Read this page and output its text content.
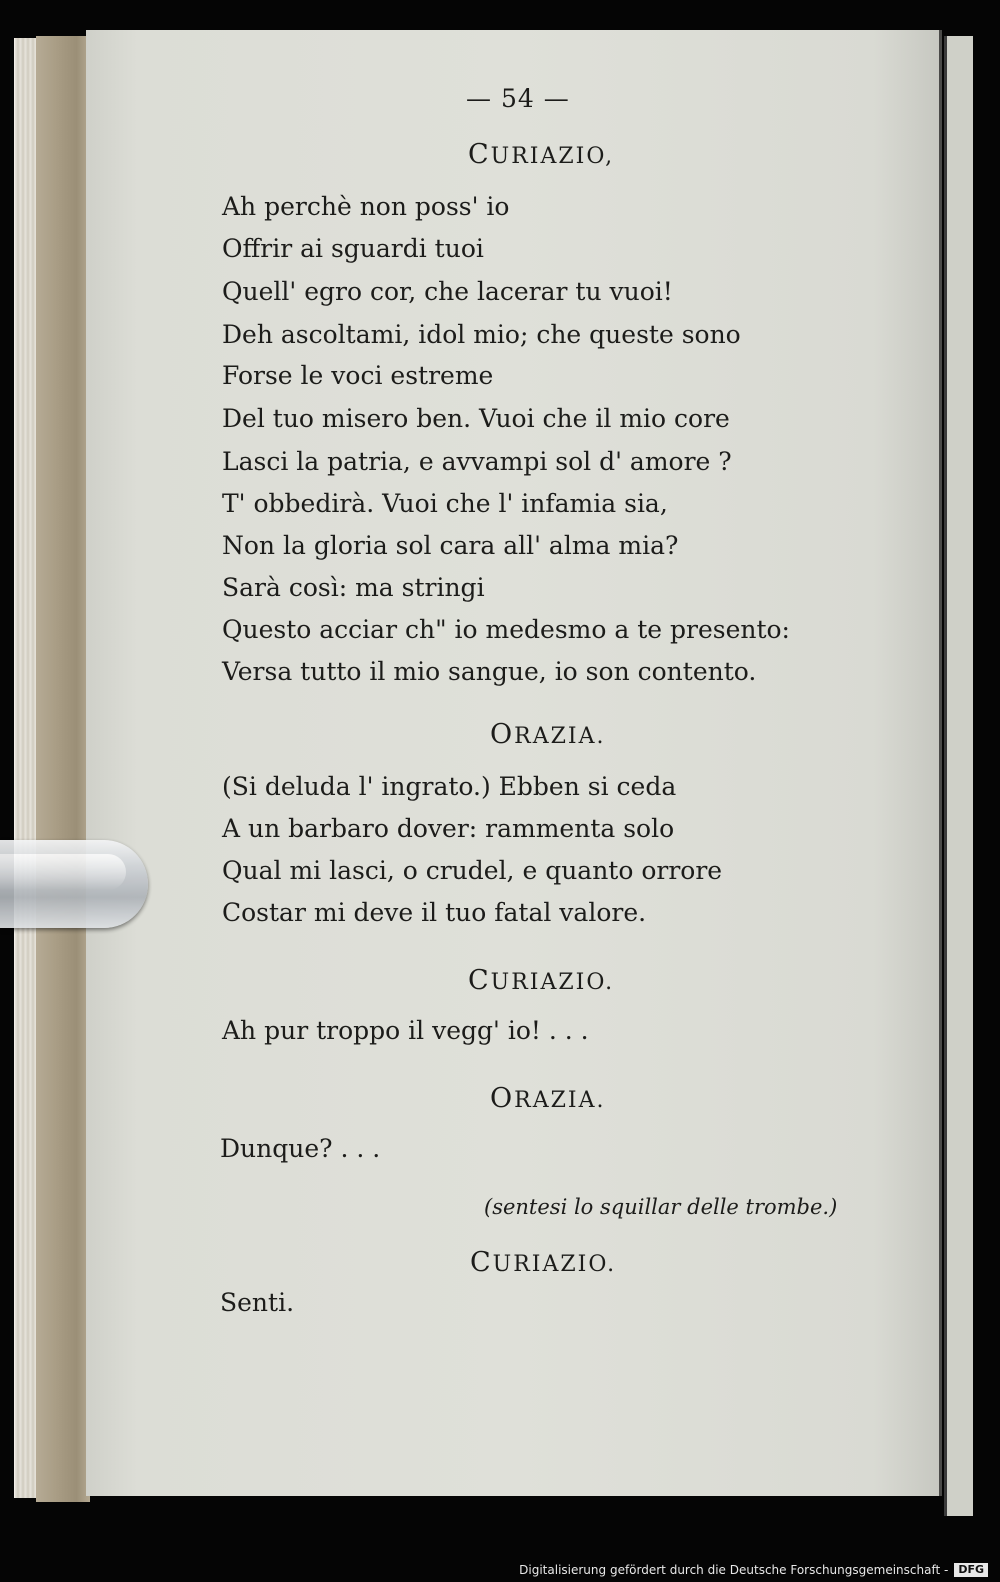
— 54 —

CURIAZIO,

Ah perchè non poss' io

Offrir ai sguardi tuoi

Quell' egro cor, che lacerar tu vuoi!

Deh ascoltami, idol mio; che queste sono

Forse le voci estreme

Del tuo misero ben. Vuoi che il mio core

Lasci la patria, e avvampi sol d' amore ?

T' obbedirà. Vuoi che l' infamia sia,

Non la gloria sol cara all' alma mia?

Sarà così: ma stringi

Questo acciar ch" io medesmo a te presento:

Versa tutto il mio sangue, io son contento.

ORAZIA.

(Si deluda l' ingrato.) Ebben si ceda

A un barbaro dover: rammenta solo

Qual mi lasci, o crudel, e quanto orrore

Costar mi deve il tuo fatal valore.

CURIAZIO.

Ah pur troppo il vegg' io! . . .

ORAZIA.

Dunque? . . .

(sentesi lo squillar delle trombe.)

CURIAZIO.

Senti.

Digitalisierung gefördert durch die Deutsche Forschungsgemeinschaft - DFG
